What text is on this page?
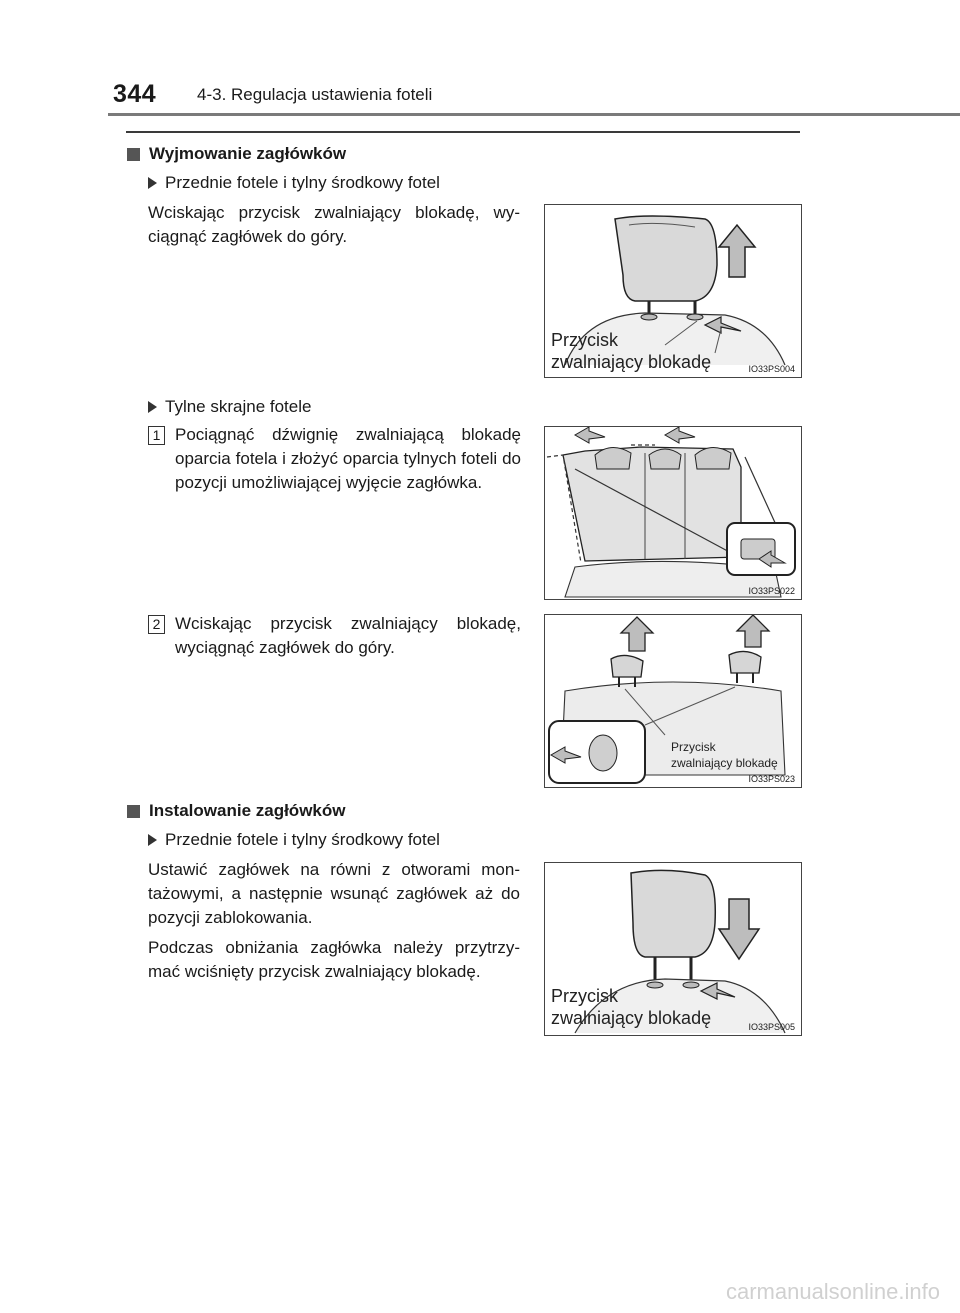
344 4-3. Regulacja ustawienia foteli
Wyjmowanie zagłówków
Przednie fotele i tylny środkowy fotel
Wciskając przycisk zwalniający blokadę, wy-ciągnąć zagłówek do góry.
Przycisk
zwalniający blokadę	IO33PS004
Tylne skrajne fotele
1 Pociągnąć dźwignię zwalniającą blokadę oparcia fotela i złożyć oparcia tylnych foteli do pozycji umożliwiającej wyjęcie zagłówka.
IO33PS022
2 Wciskając przycisk zwalniający blokadę, wyciągnąć zagłówek do góry.
Przycisk
zwalniający blokadę
IO33PS023
Instalowanie zagłówków
Przednie fotele i tylny środkowy fotel
Ustawić zagłówek na równi z otworami mon-tażowymi, a następnie wsunąć zagłówek aż do pozycji zablokowania.
Podczas obniżania zagłówka należy przytrzy-mać wciśnięty przycisk zwalniający blokadę.
Przycisk
zwalniający blokadę	IO33PS005
carmanualsonline.info
